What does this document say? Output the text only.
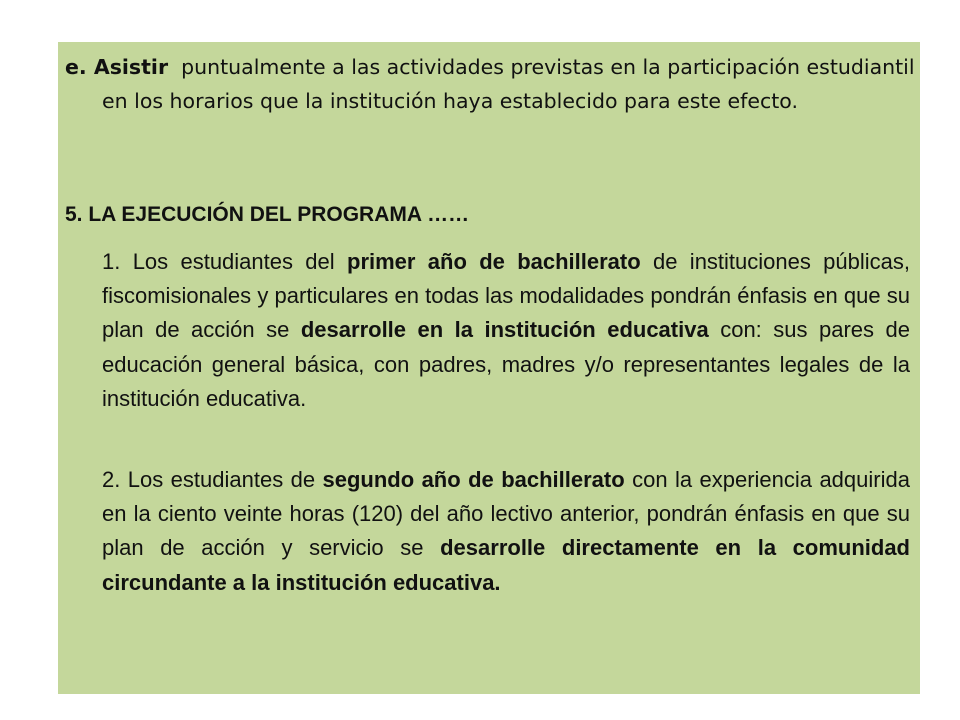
e. Asistir puntualmente a las actividades previstas en la participación estudiantil en los horarios que la institución haya establecido para este efecto.
5. LA EJECUCIÓN DEL PROGRAMA ……
1. Los estudiantes del primer año de bachillerato de instituciones públicas, fiscomisionales y particulares en todas las modalidades pondrán énfasis en que su plan de acción se desarrolle en la institución educativa con: sus pares de educación general básica, con padres, madres y/o representantes legales de la institución educativa.
2. Los estudiantes de segundo año de bachillerato con la experiencia adquirida en la ciento veinte horas (120) del año lectivo anterior, pondrán énfasis en que su plan de acción y servicio se desarrolle directamente en la comunidad circundante a la institución educativa.
